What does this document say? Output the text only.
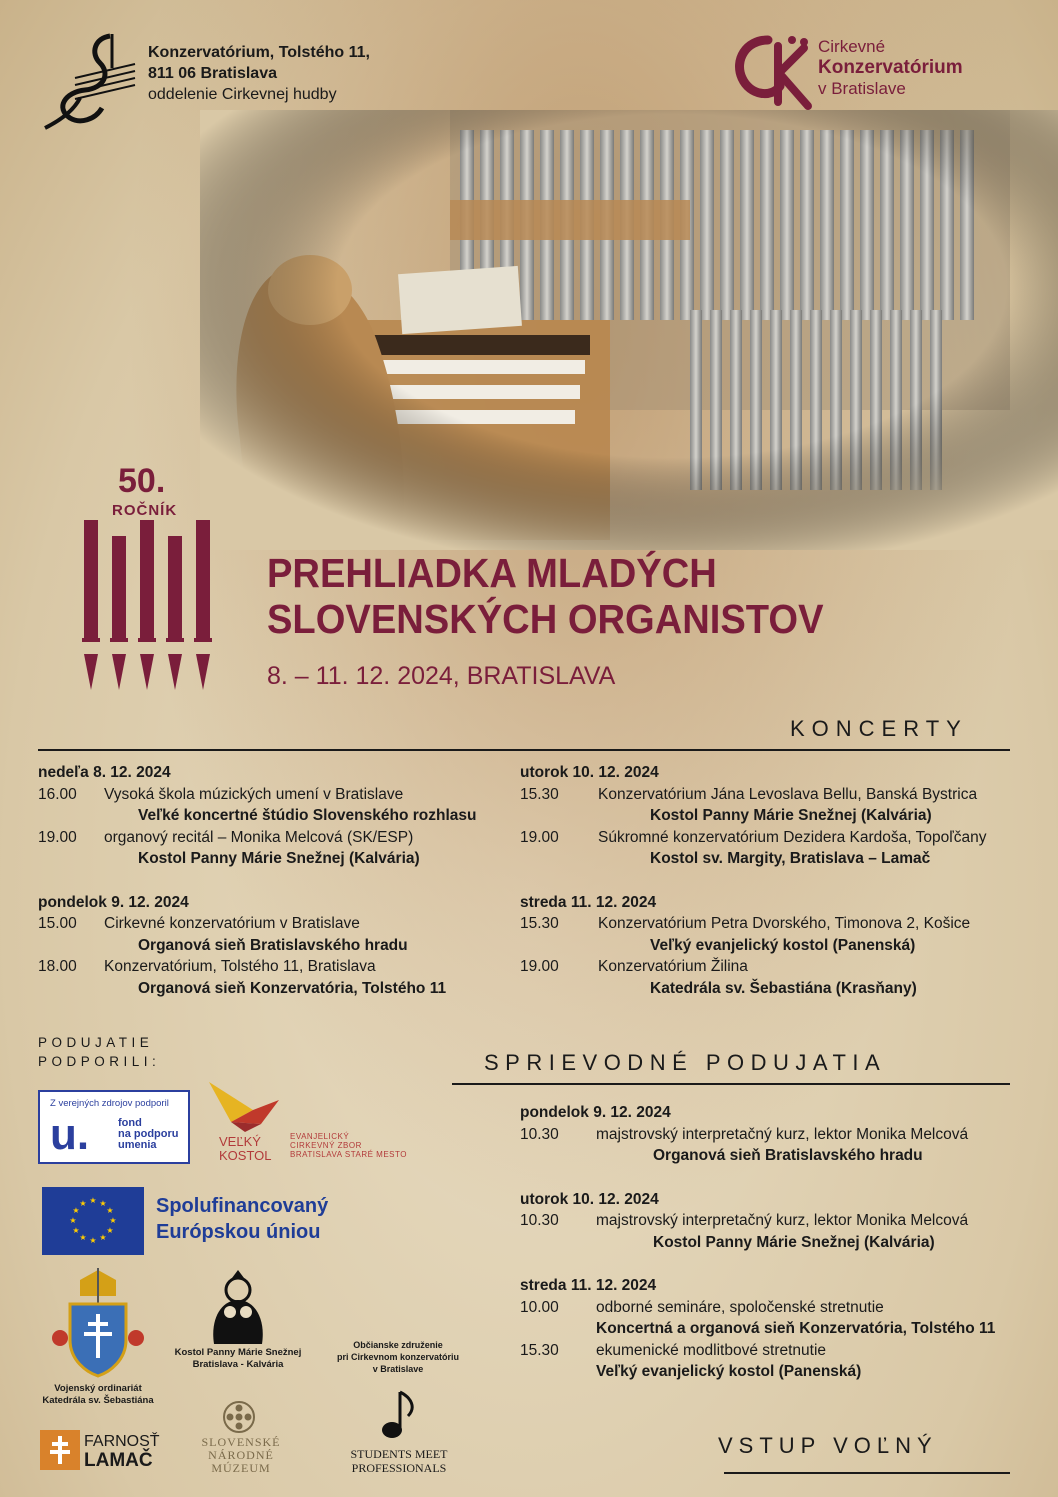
Konzervatórium, Tolstého 11,
811 06 Bratislava
oddelenie Cirkevnej hudby
Cirkevné
Konzervatórium
v Bratislave
50.
ROČNÍK
PREHLIADKA MLADÝCH
SLOVENSKÝCH ORGANISTOV
8. – 11. 12. 2024, BRATISLAVA
KONCERTY
nedeľa 8. 12. 2024
16.00 Vysoká škola múzických umení v Bratislave
Veľké koncertné štúdio Slovenského rozhlasu
19.00 organový recitál – Monika Melcová (SK/ESP)
Kostol Panny Márie Snežnej (Kalvária)
pondelok 9. 12. 2024
15.00 Cirkevné konzervatórium v Bratislave
Organová sieň Bratislavského hradu
18.00 Konzervatórium, Tolstého 11, Bratislava
Organová sieň Konzervatória, Tolstého 11
utorok 10. 12. 2024
15.30	Konzervatórium Jána Levoslava Bellu, Banská Bystrica
Kostol Panny Márie Snežnej (Kalvária)
19.00	Súkromné konzervatórium Dezidera Kardoša, Topoľčany
Kostol sv. Margity, Bratislava – Lamač
streda 11. 12. 2024
15.30	Konzervatórium Petra Dvorského, Timonova 2, Košice
Veľký evanjelický kostol (Panenská)
19.00	Konzervatórium Žilina
Katedrála sv. Šebastiána (Krasňany)
PODUJATIE
PODPORILI:	SPRIEVODNÉ PODUJATIA
pondelok 9. 12. 2024
10.30 majstrovský interpretačný kurz, lektor Monika Melcová
Organová sieň Bratislavského hradu
utorok 10. 12. 2024
10.30 majstrovský interpretačný kurz, lektor Monika Melcová
Kostol Panny Márie Snežnej (Kalvária)
streda 11. 12. 2024
10.00 odborné semináre, spoločenské stretnutie
Koncertná a organová sieň Konzervatória, Tolstého 11
15.30 ekumenické modlitbové stretnutie
Veľký evanjelický kostol (Panenská)
Z verejných zdrojov podporil
u.	fond
na podporu
umenia	VEĽKÝ
KOSTOL
EVANJELICKÝ
CIRKEVNÝ ZBOR
BRATISLAVA STARÉ MESTO
★ ★
★
★
★
★
★
★
★
★
★
★	Spolufinancovaný
Európskou úniou
Vojenský ordinariát
Katedrála sv. Šebastiána
Kostol Panny Márie Snežnej
Bratislava - Kalvária
Občianske združenie
pri Cirkevnom konzervatóriu
v Bratislave
FARNOSŤ
LAMAČ
SLOVENSKÉ
NÁRODNÉ
MÚZEUM
STUDENTS MEET
PROFESSIONALS
VSTUP VOĽNÝ
